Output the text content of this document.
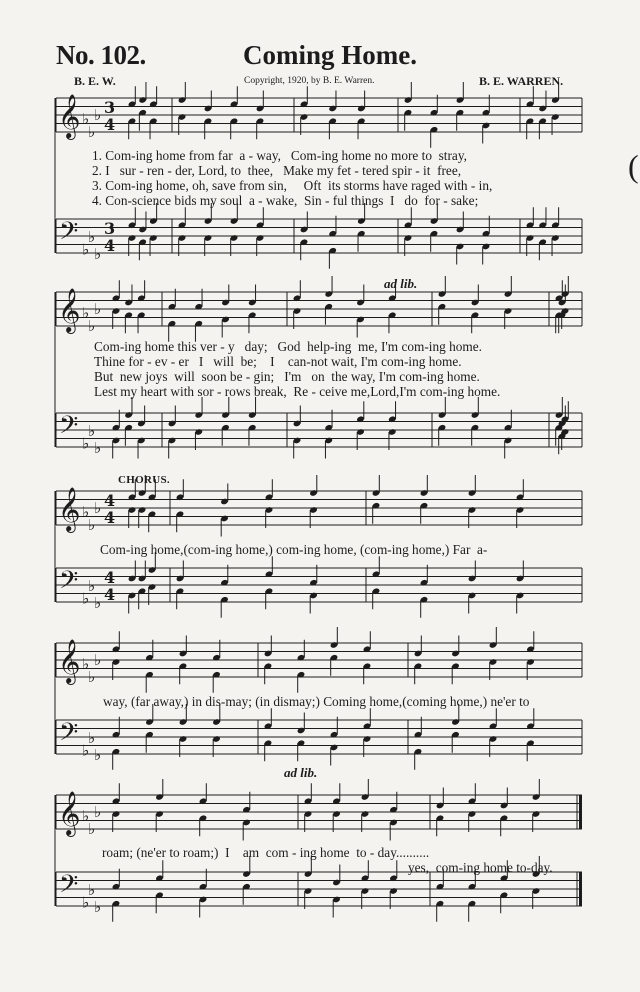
No. 102.	Coming Home.
B. E. W.	Copyright, 1920, by B. E. Warren.	B. E. WARREN.
𝄞 ♭
♭
♭ 3
4
𝄢 ♭
♭
♭
3
4
𝄞 ♭
♭
♭
𝄢 ♭
♭
♭
𝄞 ♭
♭
♭ 4
4
𝄢 ♭
♭
♭
4
4
𝄞 ♭
♭
♭
𝄢 ♭
♭
♭
𝄞 ♭
♭
♭
𝄢 ♭
♭
♭
1. Com-ing home from far  a - way,   Com-ing home no more to  stray,
2. I   sur - ren - der, Lord, to  thee,   Make my fet - tered spir - it  free,
3. Com-ing home, oh, save from sin,     Oft  its storms have raged with - in,
4. Con-science bids my soul  a - wake,  Sin - ful things  I   do  for - sake;
ad lib.
Com-ing home this ver - y   day;   God  help-ing  me, I'm com-ing home.
Thine for - ev - er   I   will  be;    I    can-not wait, I'm com-ing home.
But  new joys  will  soon be - gin;   I'm   on  the way, I'm com-ing home.
Lest my heart with sor - rows break,  Re - ceive me,Lord,I'm com-ing home.
CHORUS.
Com-ing home,(com-ing home,) com-ing home, (com-ing home,) Far  a-
way, (far away,) in dis-may; (in dismay;) Coming home,(coming home,) ne'er to
ad lib.
roam; (ne'er to roam;)  I    am  com - ing home  to - day..........
yes,  com-ing home to-day.
(
